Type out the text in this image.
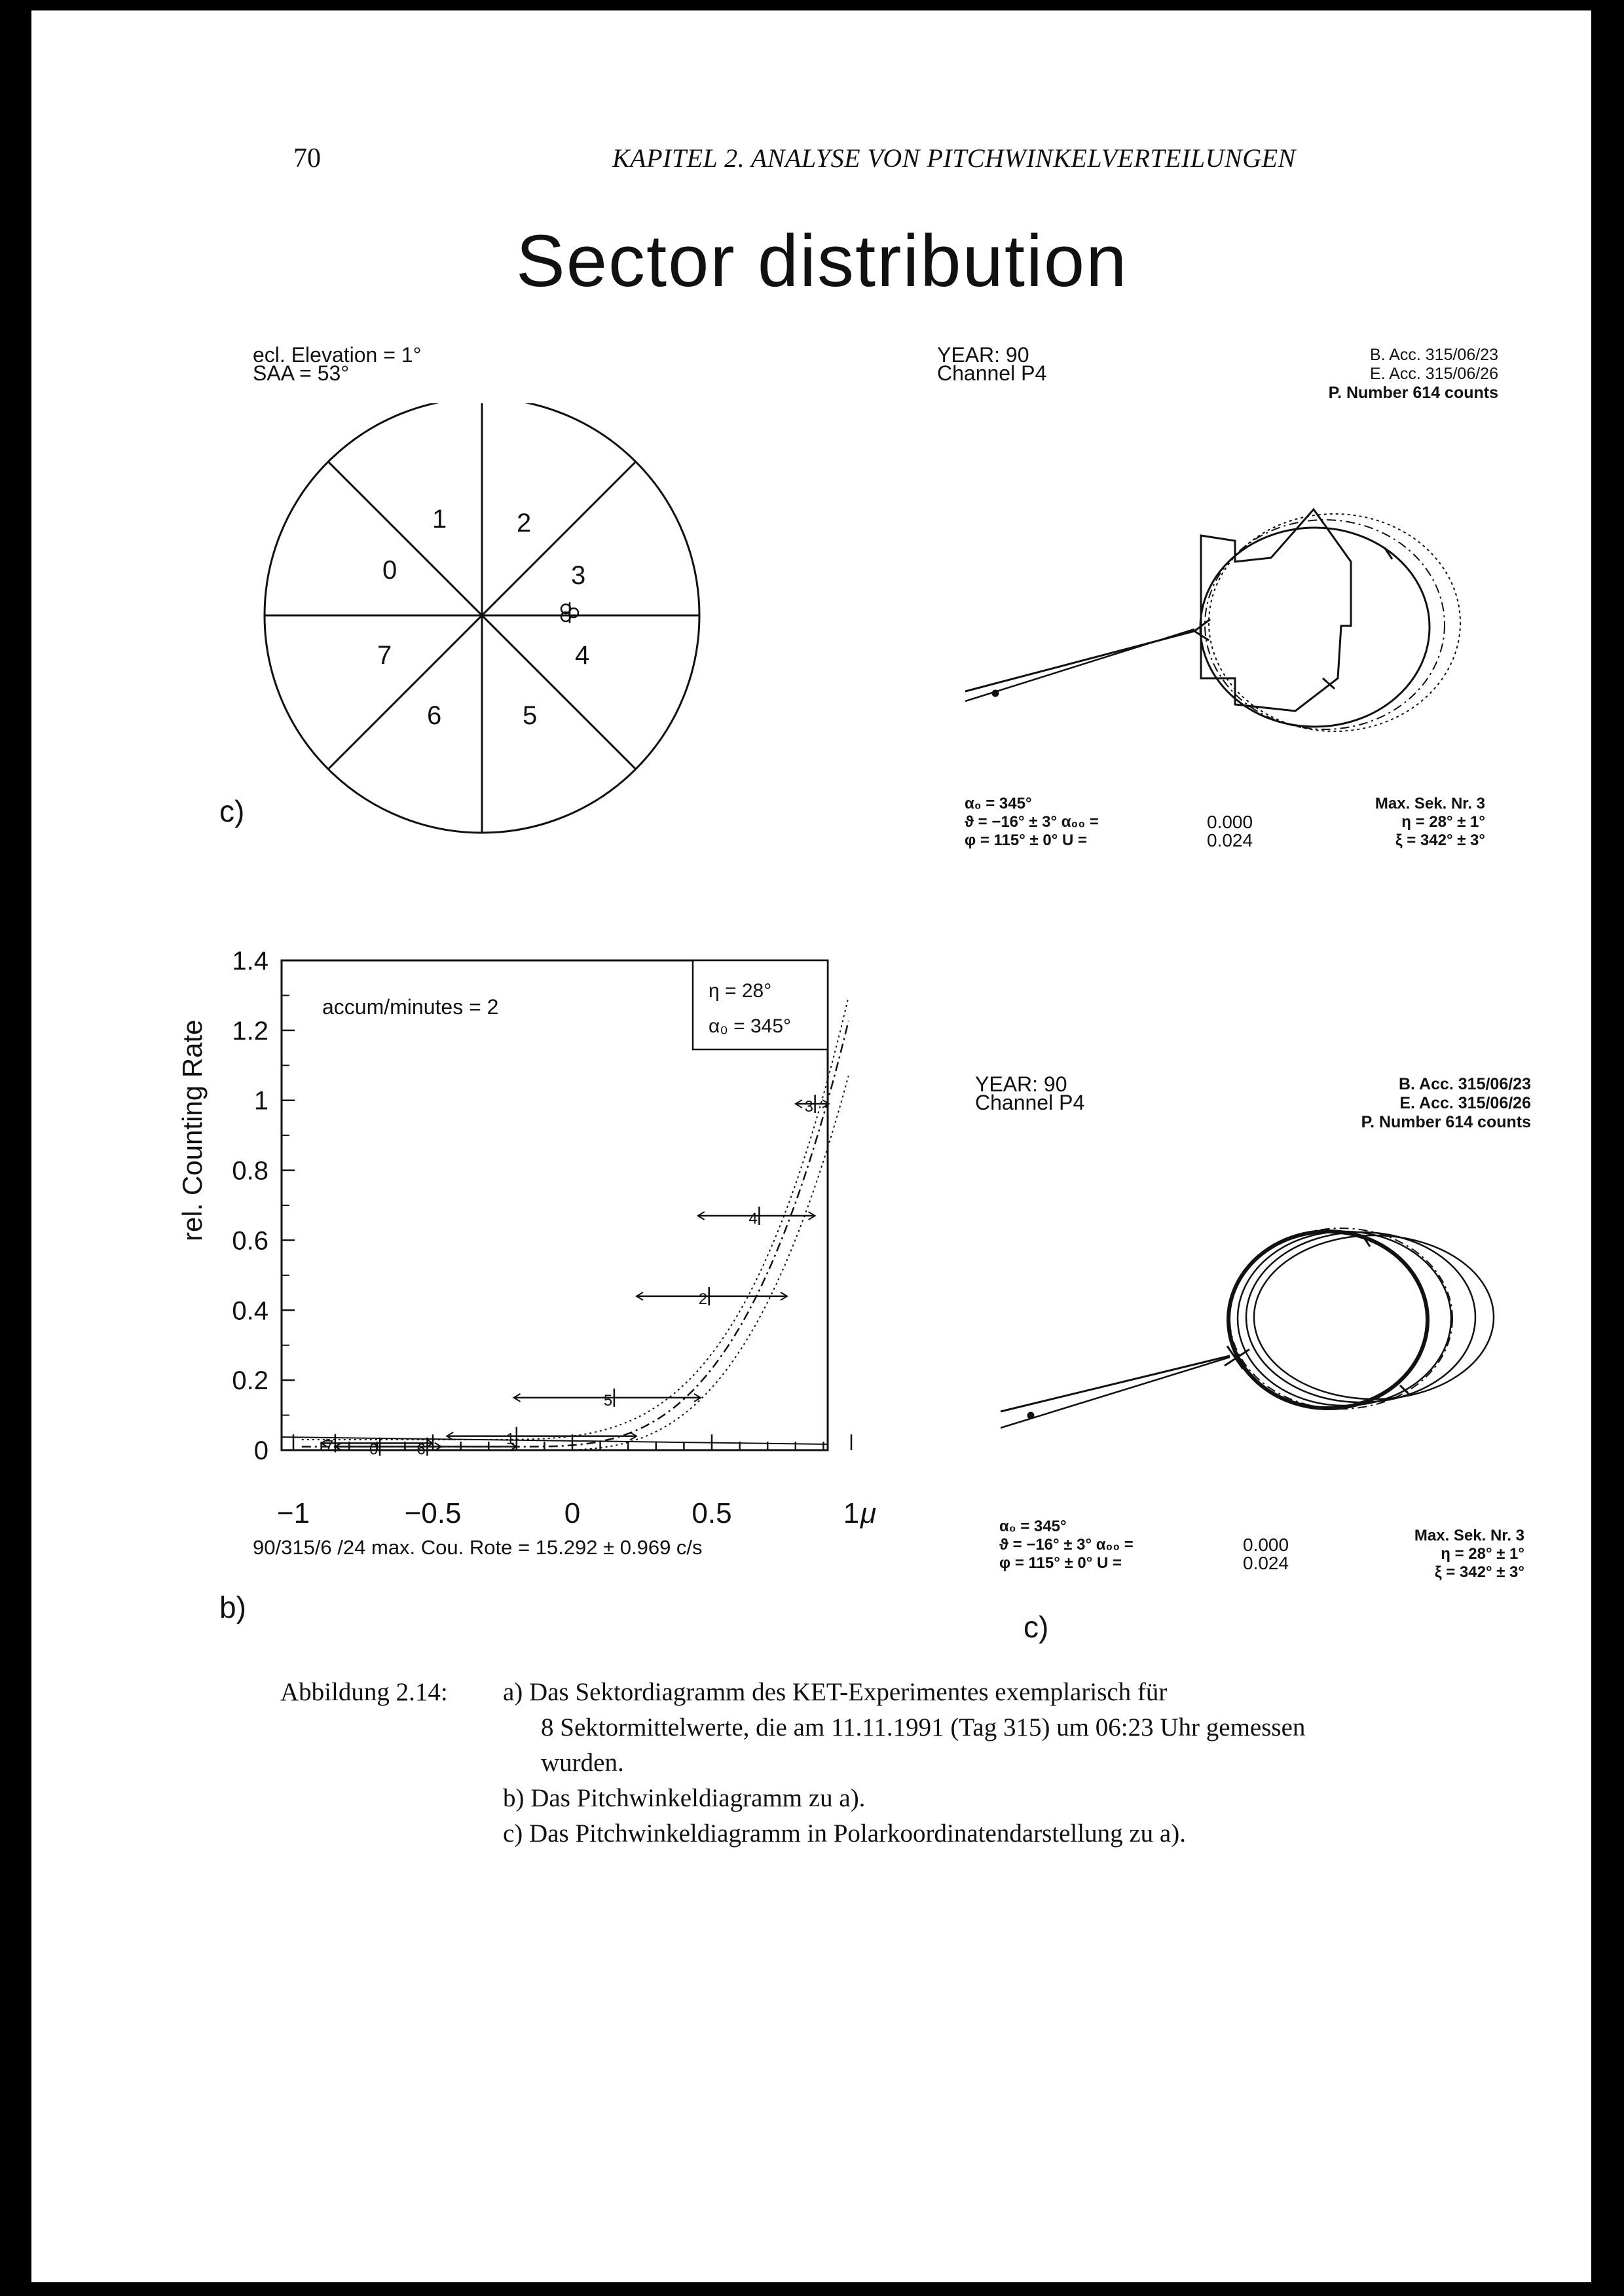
70	KAPITEL 2. ANALYSE VON PITCHWINKELVERTEILUNGEN
Sector distribution
ecl. Elevation = 1°
SAA = 53°
0
1	2
3
4
5
6
7
c)
YEAR: 90
Channel P4
B. Acc. 315/06/23
E. Acc. 315/06/26
P. Number 614 counts
α₀ = 345°
ϑ = −16° ± 3° α₀₀ =
φ = 115° ± 0° U =
0.000
0.024
Max. Sek. Nr. 3
η = 28° ± 1°
ξ = 342° ± 3°
rel. Counting Rate
η = 28°
α₀ = 345°
accum/minutes = 2
μ
0
0.2
0.4
0.6
0.8
1
1.2
1.4
−1	−0.5	0	0.5	1
3
4
2
5
1
7 0 6
90/315/6 /24 max. Cou. Rote = 15.292 ± 0.969 c/s
b)
YEAR: 90
Channel P4
B. Acc. 315/06/23
E. Acc. 315/06/26
P. Number 614 counts
α₀ = 345°
ϑ = −16° ± 3° α₀₀ =
φ = 115° ± 0° U =
0.000
0.024
Max. Sek. Nr. 3
η = 28° ± 1°
ξ = 342° ± 3°
c)
Abbildung 2.14: a) Das Sektordiagramm des KET-Experimentes exemplarisch für
8 Sektormittelwerte, die am 11.11.1991 (Tag 315) um 06:23 Uhr gemessen
wurden.
b) Das Pitchwinkeldiagramm zu a).
c) Das Pitchwinkeldiagramm in Polarkoordinatendarstellung zu a).
